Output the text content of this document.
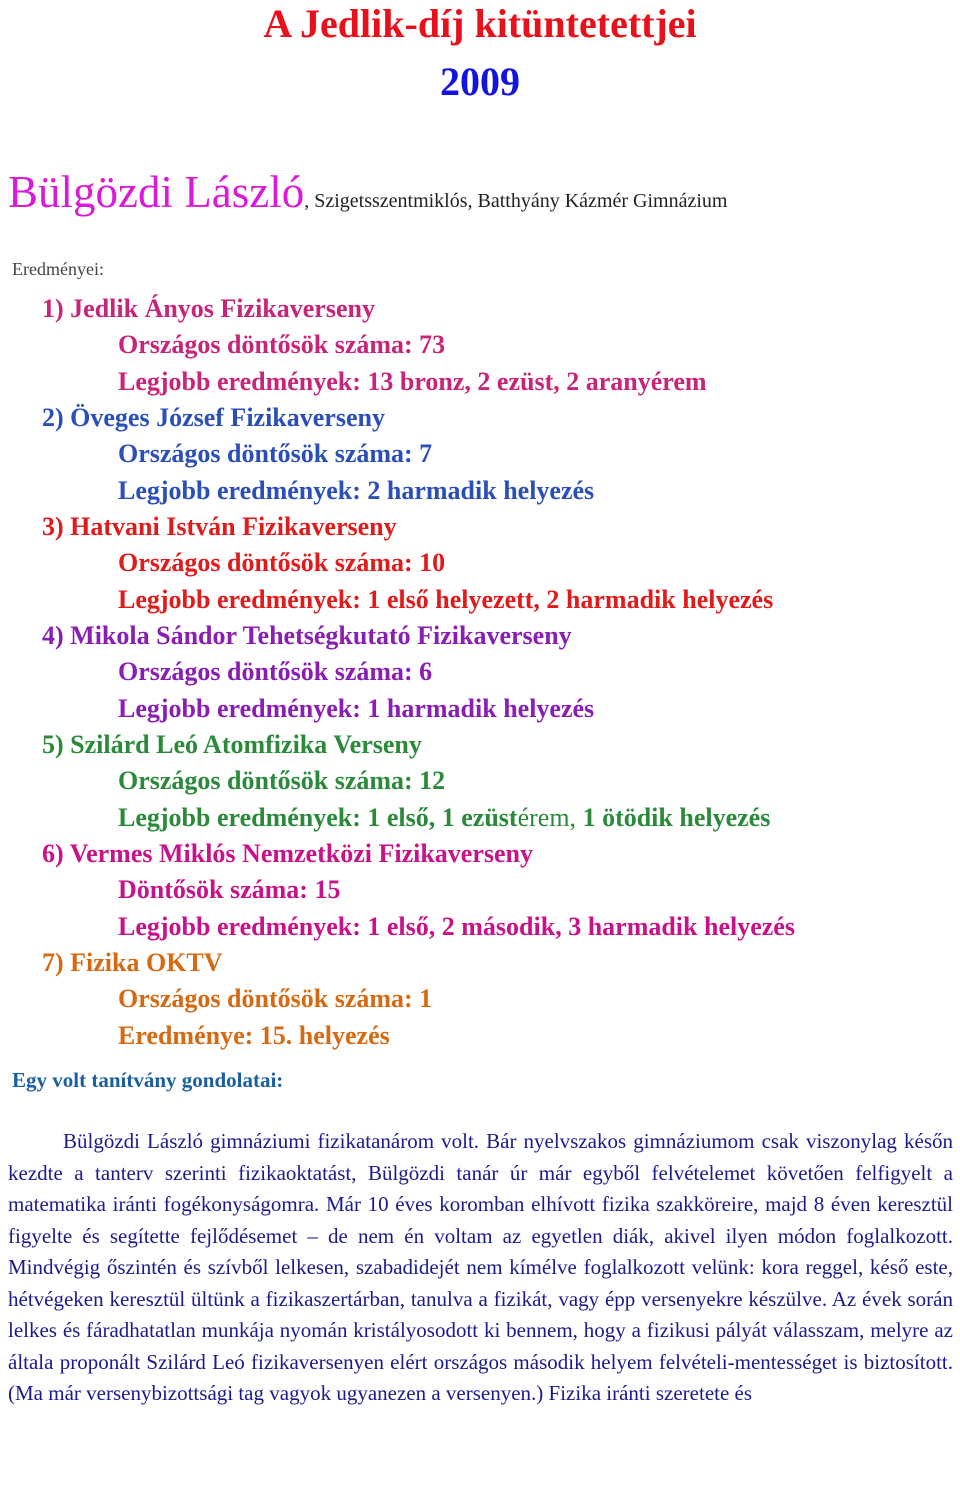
A Jedlik-díj kitüntetettjei
2009
Bülgözdi László, Szigetsszentmiklós, Batthyány Kázmér Gimnázium
Eredményei:
1) Jedlik Ányos Fizikaverseny
Országos döntősök száma: 73
Legjobb eredmények: 13 bronz, 2 ezüst, 2 aranyérem
2) Öveges József Fizikaverseny
Országos döntősök száma: 7
Legjobb eredmények: 2 harmadik helyezés
3) Hatvani István Fizikaverseny
Országos döntősök száma: 10
Legjobb eredmények: 1 első helyezett, 2 harmadik helyezés
4) Mikola Sándor Tehetségkutató Fizikaverseny
Országos döntősök száma: 6
Legjobb eredmények: 1 harmadik helyezés
5) Szilárd Leó Atomfizika Verseny
Országos döntősök száma: 12
Legjobb eredmények: 1 első, 1 ezüstérem, 1 ötödik helyezés
6) Vermes Miklós Nemzetközi Fizikaverseny
Döntősök száma: 15
Legjobb eredmények: 1 első, 2 második, 3 harmadik helyezés
7) Fizika OKTV
Országos döntősök száma: 1
Eredménye: 15. helyezés
Egy volt tanítvány gondolatai:

Bülgözdi László gimnáziumi fizikatanárom volt. Bár nyelvszakos gimnáziumom csak viszonylag későn kezdte a tanterv szerinti fizikaoktatást, Bülgözdi tanár úr már egyből felvételemet követően felfigyelt a matematika iránti fogékonyságomra. Már 10 éves koromban elhívott fizika szakköreire, majd 8 éven keresztül figyelte és segítette fejlődésemet – de nem én voltam az egyetlen diák, akivel ilyen módon foglalkozott. Mindvégig őszintén és szívből lelkesen, szabadidejét nem kímélve foglalkozott velünk: kora reggel, késő este, hétvégeken keresztül ültünk a fizikaszertárban, tanulva a fizikát, vagy épp versenyekre készülve. Az évek során lelkes és fáradhatatlan munkája nyomán kristályosodott ki bennem, hogy a fizikusi pályát válasszam, melyre az általa proponált Szilárd Leó fizikaversenyen elért országos második helyem felvételi-mentességet is biztosított. (Ma már versenybizottsági tag vagyok ugyanezen a versenyen.) Fizika iránti szeretete és
